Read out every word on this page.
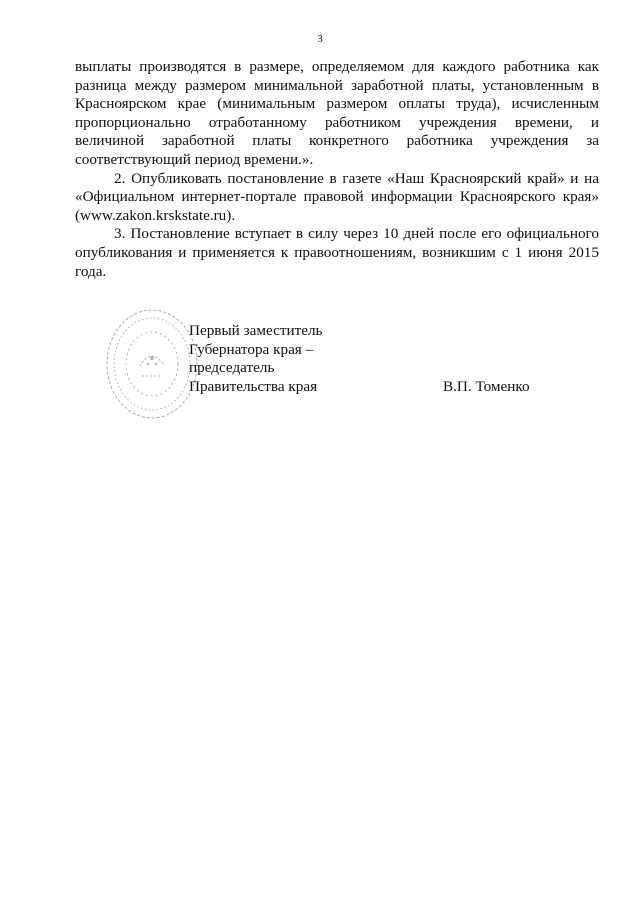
3

выплаты производятся в размере, определяемом для каждого работника как разница между размером минимальной заработной платы, установленным в Красноярском крае (минимальным размером оплаты труда), исчисленным пропорционально отработанному работником учреждения времени, и величиной заработной платы конкретного работника учреждения за соответствующий период времени.».

2. Опубликовать постановление в газете «Наш Красноярский край» и на «Официальном интернет-портале правовой информации Красноярского края» (www.zakon.krskstate.ru).

3. Постановление вступает в силу через 10 дней после его официального опубликования и применяется к правоотношениям, возникшим с 1 июня 2015 года.

Первый заместитель
Губернатора края –
председатель
Правительства края	В.П. Томенко
